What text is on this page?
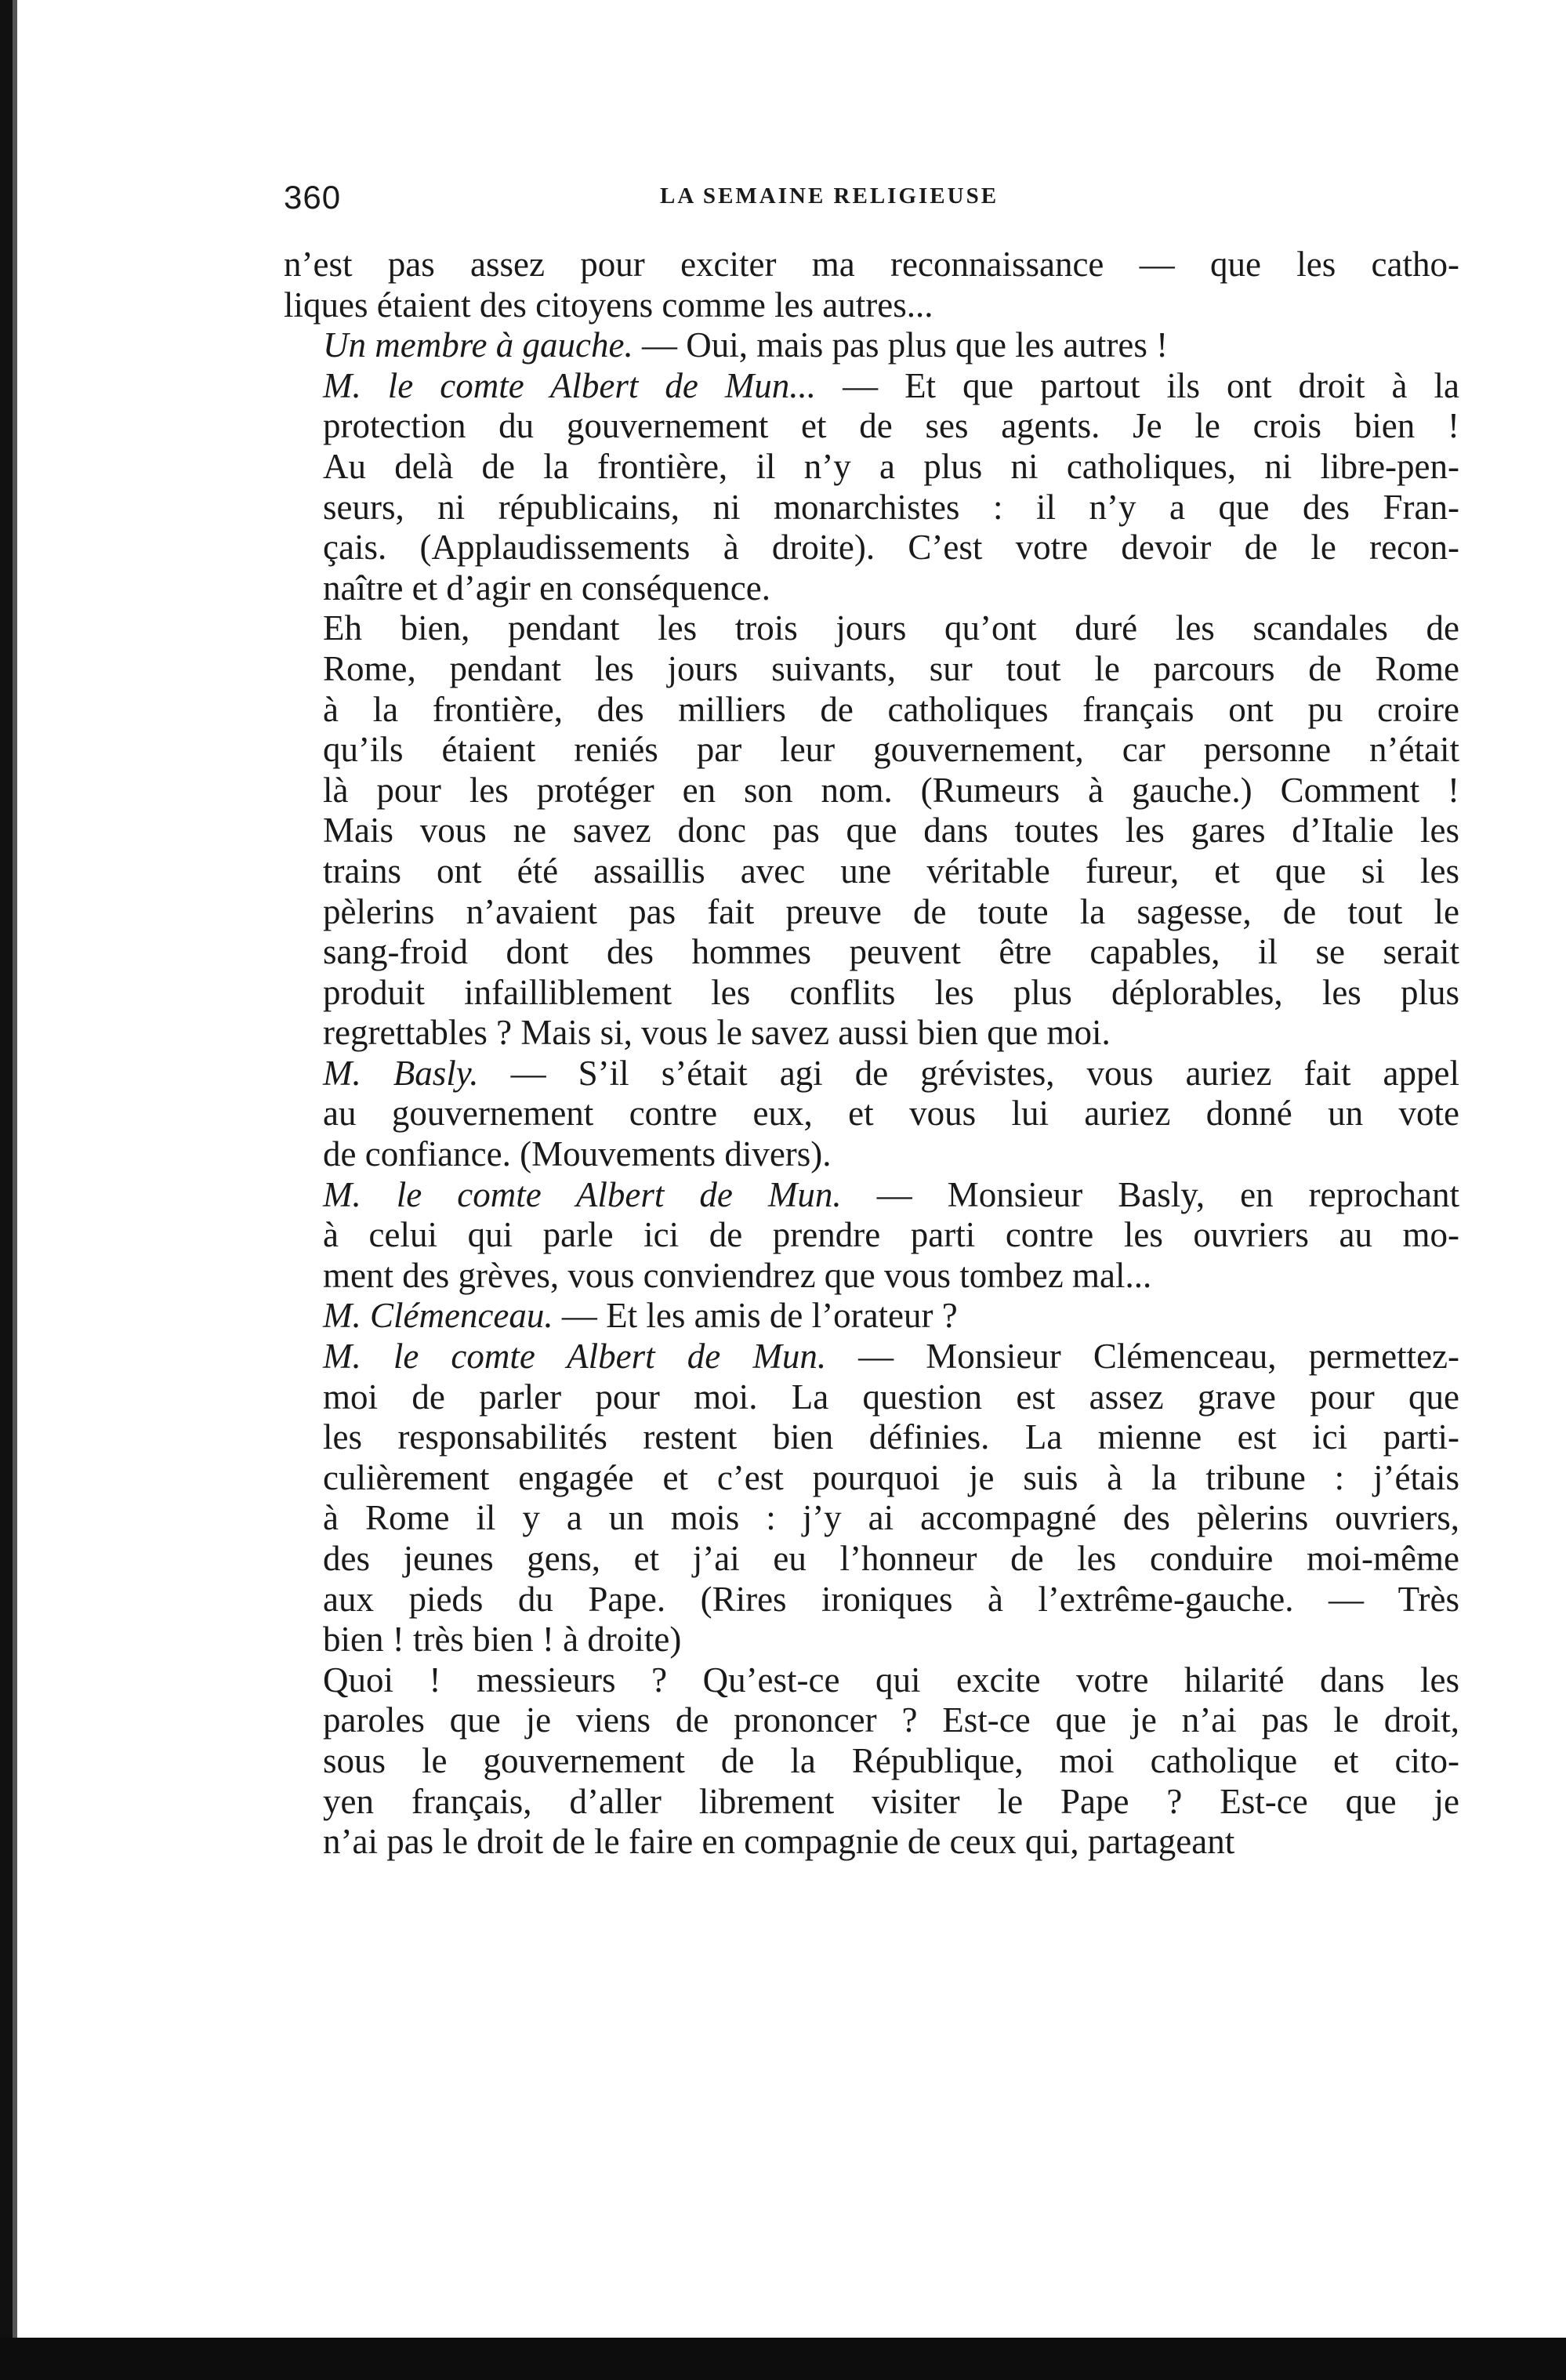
360	LA SEMAINE RELIGIEUSE

n’est pas assez pour exciter ma reconnaissance — que les catho-
liques étaient des citoyens comme les autres...

Un membre à gauche. — Oui, mais pas plus que les autres !

M. le comte Albert de Mun... — Et que partout ils ont droit à la
protection du gouvernement et de ses agents. Je le crois bien !
Au delà de la frontière, il n’y a plus ni catholiques, ni libre-pen-
seurs, ni républicains, ni monarchistes : il n’y a que des Fran-
çais. (Applaudissements à droite). C’est votre devoir de le recon-
naître et d’agir en conséquence.

Eh bien, pendant les trois jours qu’ont duré les scandales de
Rome, pendant les jours suivants, sur tout le parcours de Rome
à la frontière, des milliers de catholiques français ont pu croire
qu’ils étaient reniés par leur gouvernement, car personne n’était
là pour les protéger en son nom. (Rumeurs à gauche.) Comment !
Mais vous ne savez donc pas que dans toutes les gares d’Italie les
trains ont été assaillis avec une véritable fureur, et que si les
pèlerins n’avaient pas fait preuve de toute la sagesse, de tout le
sang-froid dont des hommes peuvent être capables, il se serait
produit infailliblement les conflits les plus déplorables, les plus
regrettables ? Mais si, vous le savez aussi bien que moi.

M. Basly. — S’il s’était agi de grévistes, vous auriez fait appel
au gouvernement contre eux, et vous lui auriez donné un vote
de confiance. (Mouvements divers).

M. le comte Albert de Mun. — Monsieur Basly, en reprochant
à celui qui parle ici de prendre parti contre les ouvriers au mo-
ment des grèves, vous conviendrez que vous tombez mal...

M. Clémenceau. — Et les amis de l’orateur ?

M. le comte Albert de Mun. — Monsieur Clémenceau, permettez-
moi de parler pour moi. La question est assez grave pour que
les responsabilités restent bien définies. La mienne est ici parti-
culièrement engagée et c’est pourquoi je suis à la tribune : j’étais
à Rome il y a un mois : j’y ai accompagné des pèlerins ouvriers,
des jeunes gens, et j’ai eu l’honneur de les conduire moi-même
aux pieds du Pape. (Rires ironiques à l’extrême-gauche. — Très
bien ! très bien ! à droite)

Quoi ! messieurs ? Qu’est-ce qui excite votre hilarité dans les
paroles que je viens de prononcer ? Est-ce que je n’ai pas le droit,
sous le gouvernement de la République, moi catholique et cito-
yen français, d’aller librement visiter le Pape ? Est-ce que je
n’ai pas le droit de le faire en compagnie de ceux qui, partageant
